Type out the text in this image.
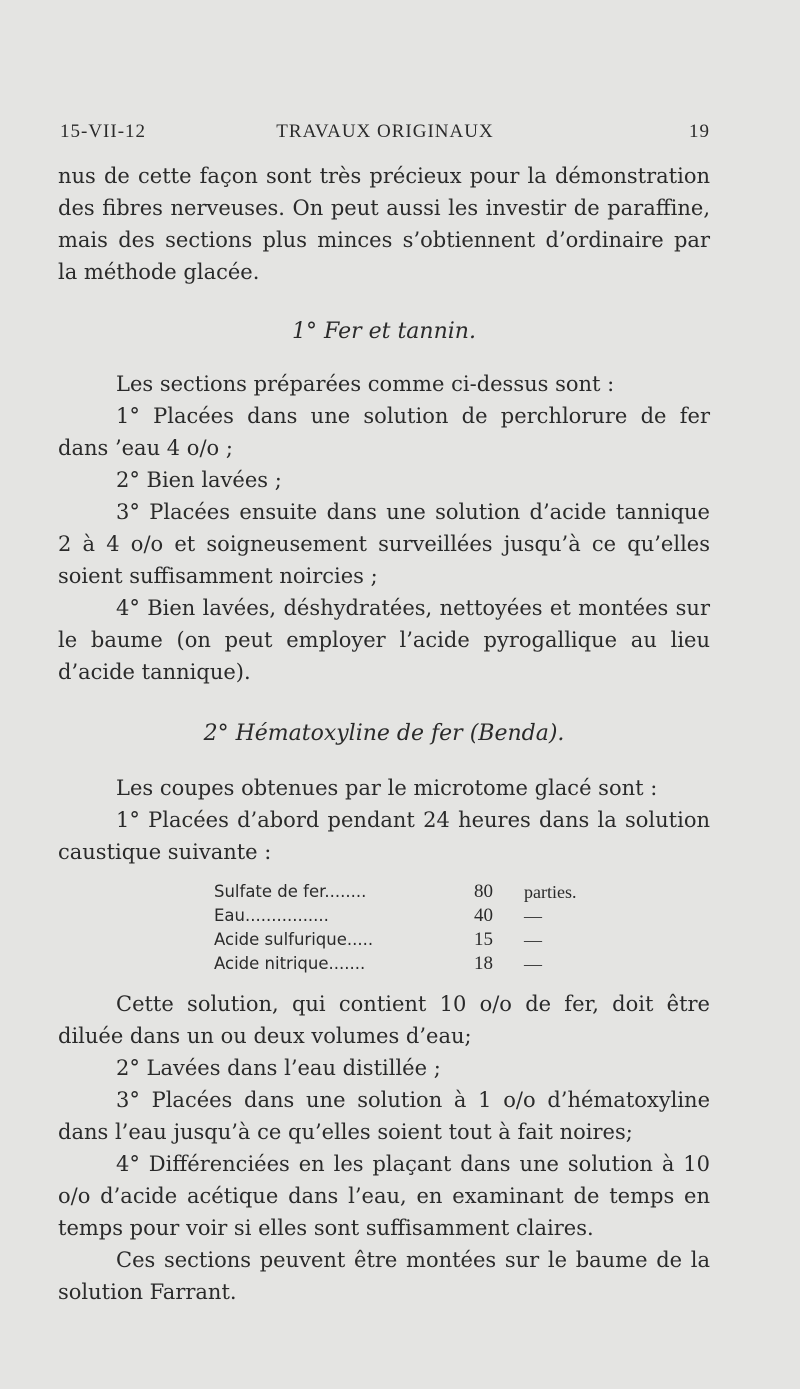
15-VII-12	TRAVAUX ORIGINAUX	19

nus de cette façon sont très précieux pour la démonstration des fibres nerveuses. On peut aussi les investir de paraffine, mais des sections plus minces s’obtiennent d’ordinaire par la méthode glacée.

1° Fer et tannin.

Les sections préparées comme ci-dessus sont :

1° Placées dans une solution de perchlorure de fer dans ’eau 4 o/o ;

2° Bien lavées ;

3° Placées ensuite dans une solution d’acide tannique 2 à 4 o/o et soigneusement surveillées jusqu’à ce qu’elles soient suffisamment noircies ;

4° Bien lavées, déshydratées, nettoyées et montées sur le baume (on peut employer l’acide pyrogallique au lieu d’acide tannique).

2° Hématoxyline de fer (Benda).

Les coupes obtenues par le microtome glacé sont :

1° Placées d’abord pendant 24 heures dans la solution caustique suivante :

Sulfate de fer........	80	parties.
Eau................	40	—
Acide sulfurique.....	15	—
Acide nitrique.......	18	—

Cette solution, qui contient 10 o/o de fer, doit être diluée dans un ou deux volumes d’eau;

2° Lavées dans l’eau distillée ;

3° Placées dans une solution à 1 o/o d’hématoxyline dans l’eau jusqu’à ce qu’elles soient tout à fait noires;

4° Différenciées en les plaçant dans une solution à 10 o/o d’acide acétique dans l’eau, en examinant de temps en temps pour voir si elles sont suffisamment claires.

Ces sections peuvent être montées sur le baume de la solution Farrant.
